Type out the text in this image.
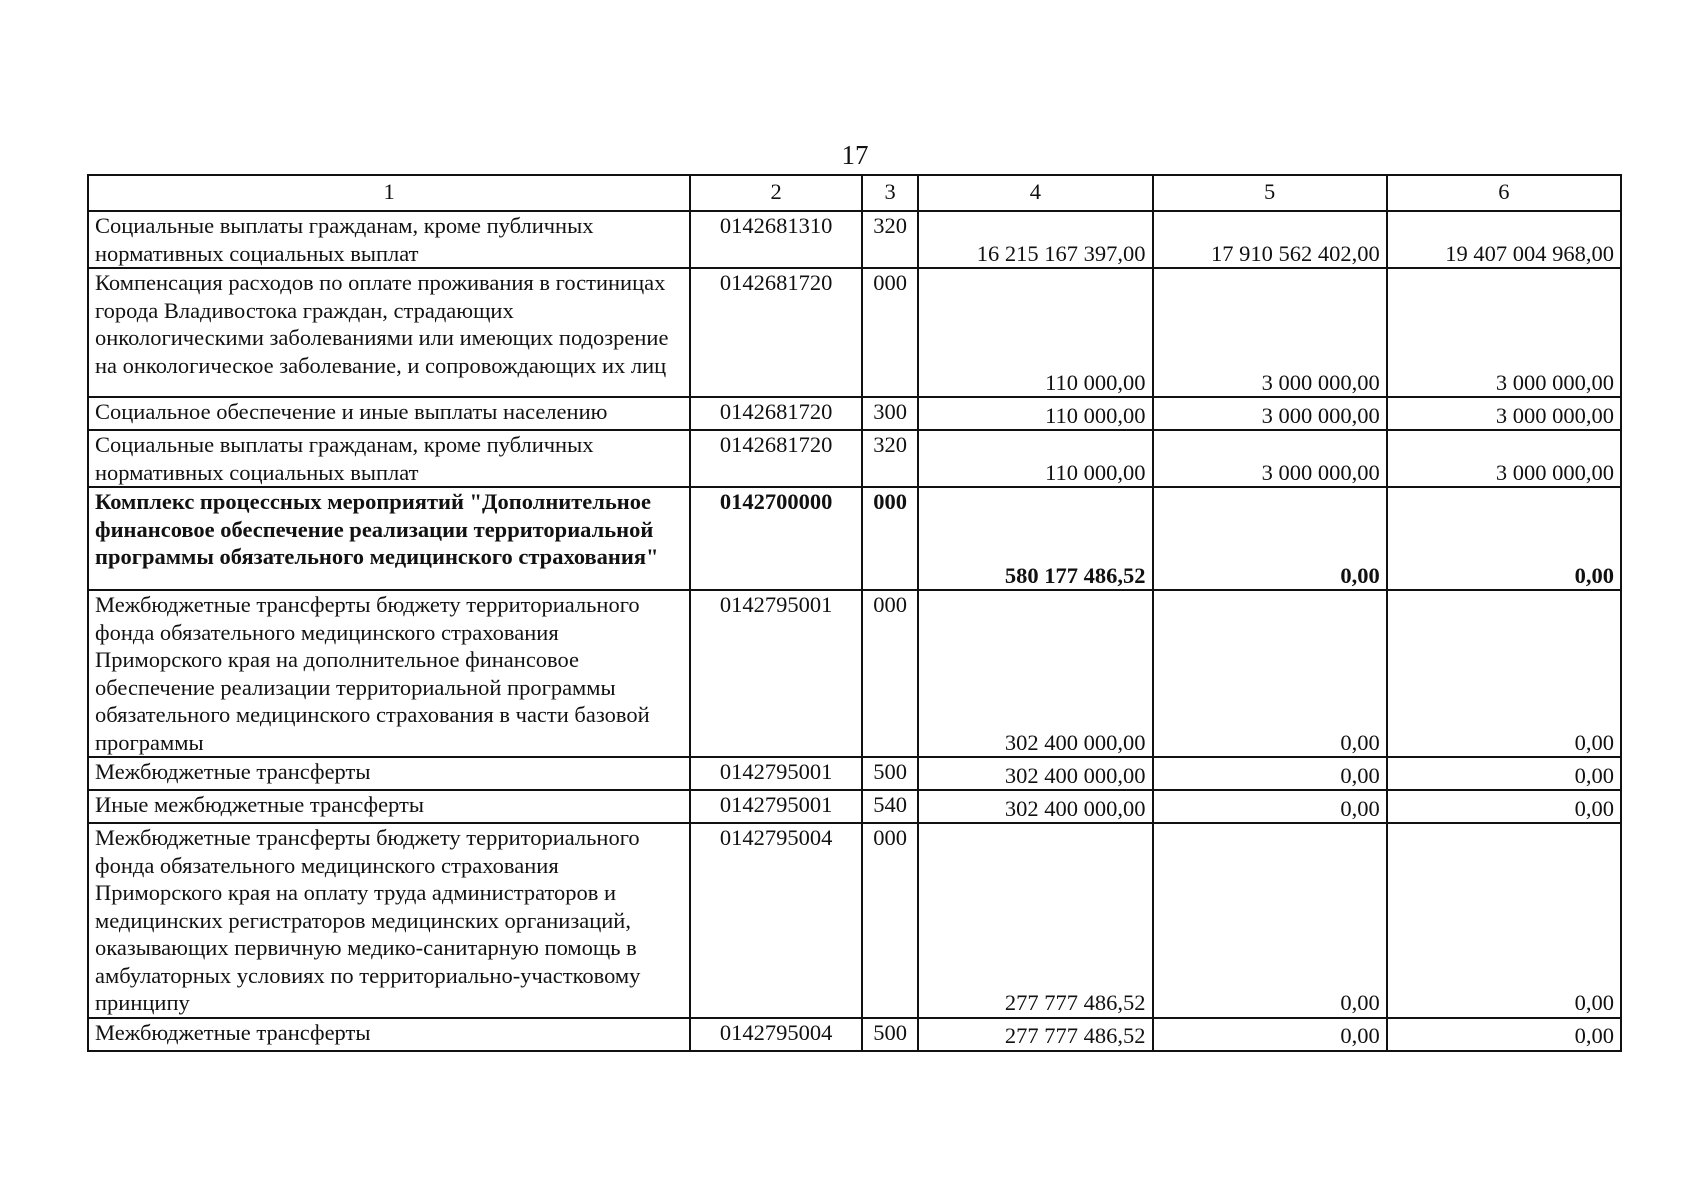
17
1	2	3	4	5	6
Социальные выплаты гражданам, кроме публичных нормативных социальных выплат	0142681310	320	16 215 167 397,00	17 910 562 402,00	19 407 004 968,00
Компенсация расходов по оплате проживания в гостиницах города Владивостока граждан, страдающих онкологическими заболеваниями или имеющих подозрение на онкологическое заболевание, и сопровождающих их лиц	0142681720	000	110 000,00	3 000 000,00	3 000 000,00
Социальное обеспечение и иные выплаты населению	0142681720	300	110 000,00	3 000 000,00	3 000 000,00
Социальные выплаты гражданам, кроме публичных нормативных социальных выплат	0142681720	320	110 000,00	3 000 000,00	3 000 000,00
Комплекс процессных мероприятий "Дополнительное финансовое обеспечение реализации территориальной программы обязательного медицинского страхования"	0142700000	000	580 177 486,52	0,00	0,00
Межбюджетные трансферты бюджету территориального фонда обязательного медицинского страхования Приморского края на дополнительное финансовое обеспечение реализации территориальной программы обязательного медицинского страхования в части базовой программы	0142795001	000	302 400 000,00	0,00	0,00
Межбюджетные трансферты	0142795001	500	302 400 000,00	0,00	0,00
Иные межбюджетные трансферты	0142795001	540	302 400 000,00	0,00	0,00
Межбюджетные трансферты бюджету территориального фонда обязательного медицинского страхования Приморского края на оплату труда администраторов и медицинских регистраторов медицинских организаций, оказывающих первичную медико-санитарную помощь в амбулаторных условиях по территориально-участковому принципу	0142795004	000	277 777 486,52	0,00	0,00
Межбюджетные трансферты	0142795004	500	277 777 486,52	0,00	0,00
